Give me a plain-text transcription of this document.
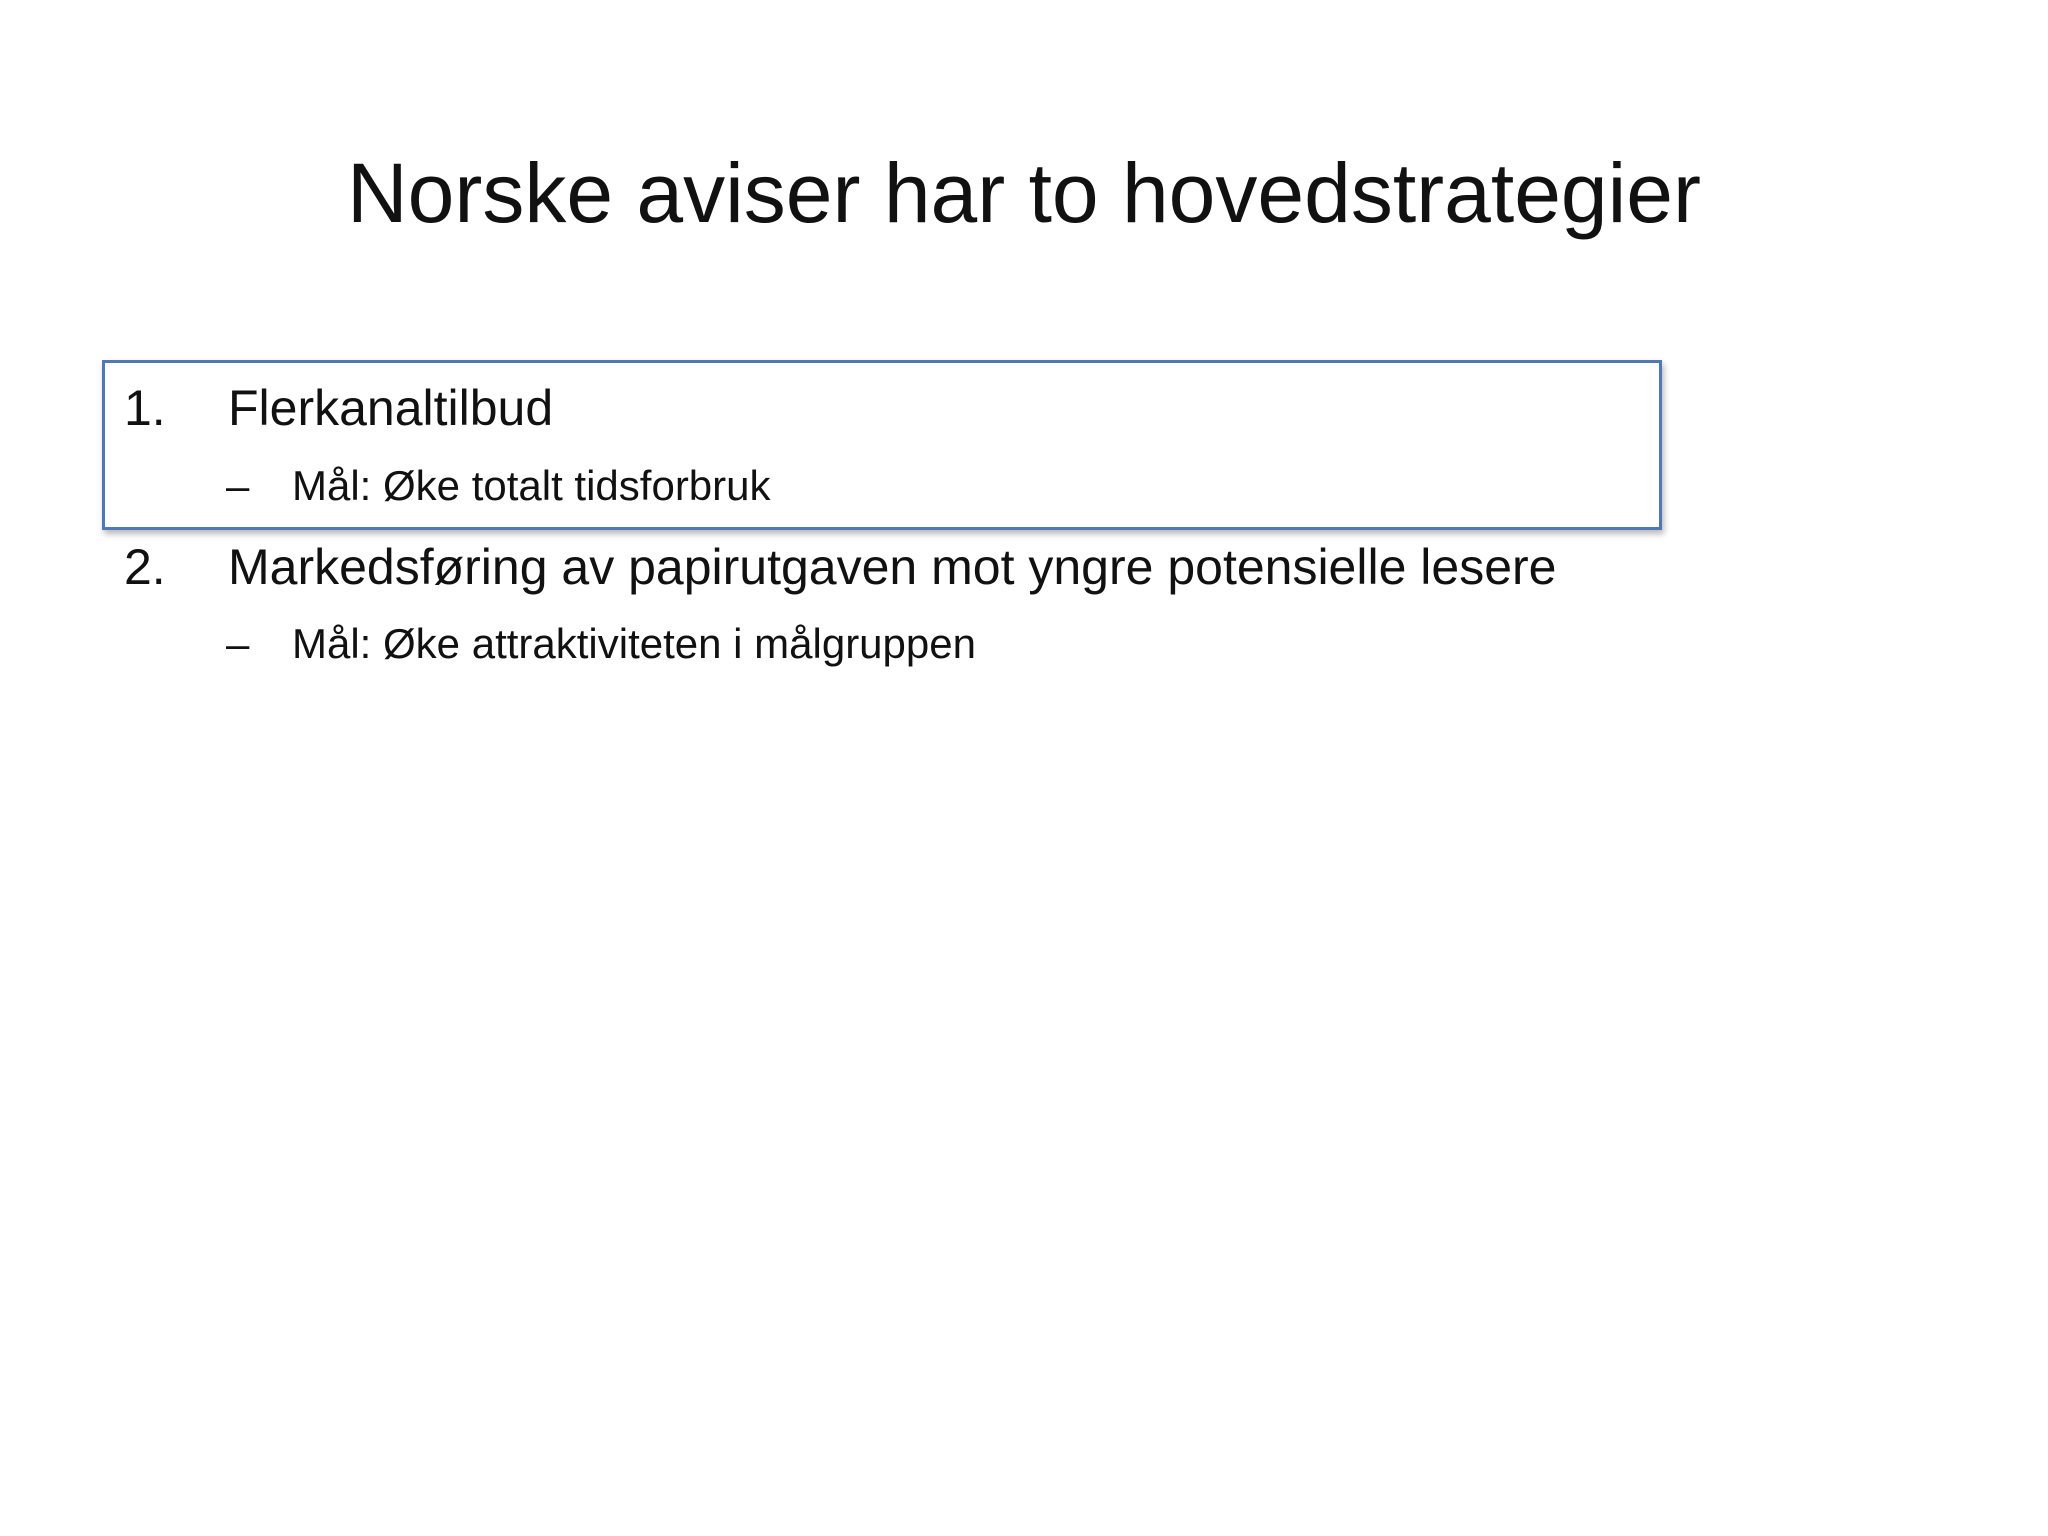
Norske aviser har to hovedstrategier
1. Flerkanaltilbud
– Mål: Øke totalt tidsforbruk
2. Markedsføring av papirutgaven mot yngre potensielle lesere
– Mål: Øke attraktiviteten i målgruppen
